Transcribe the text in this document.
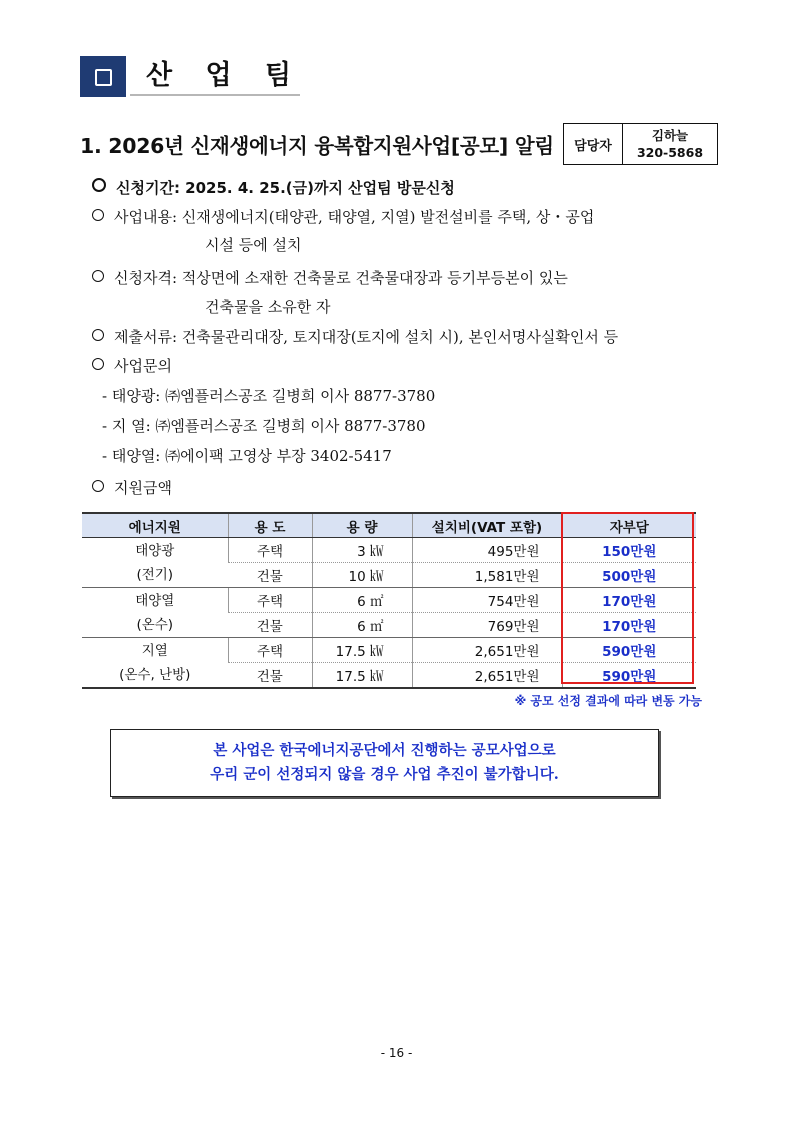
산 업 팀
1. 2026년 신재생에너지 융복합지원사업[공모] 알림	담당자
김하늘
320-5868
신청기간: 2025. 4. 25.(금)까지 산업팀 방문신청
사업내용: 신재생에너지(태양관, 태양열, 지열) 발전설비를 주택, 상・공업
시설 등에 설치
신청자격: 적상면에 소재한 건축물로 건축물대장과 등기부등본이 있는
건축물을 소유한 자
제출서류: 건축물관리대장, 토지대장(토지에 설치 시), 본인서명사실확인서 등
사업문의
- 태양광: ㈜엠플러스공조 길병희 이사 8877-3780
- 지 열: ㈜엠플러스공조 길병희 이사 8877-3780
- 태양열: ㈜에이팩 고영상 부장 3402-5417
지원금액
에너지원	용 도	용 량	설치비(VAT 포함)	자부담
태양광
(전기)	주택	3 ㎾	495만원	150만원
	건물	10 ㎾	1,581만원	500만원
태양열
(온수)	주택	6 ㎡	754만원	170만원
	건물	6 ㎡	769만원	170만원
지열
(온수, 난방)	주택	17.5 ㎾	2,651만원	590만원
	건물	17.5 ㎾	2,651만원	590만원
※ 공모 선정 결과에 따라 변동 가능
본 사업은 한국에너지공단에서 진행하는 공모사업으로
우리 군이 선정되지 않을 경우 사업 추진이 불가합니다.
- 16 -
